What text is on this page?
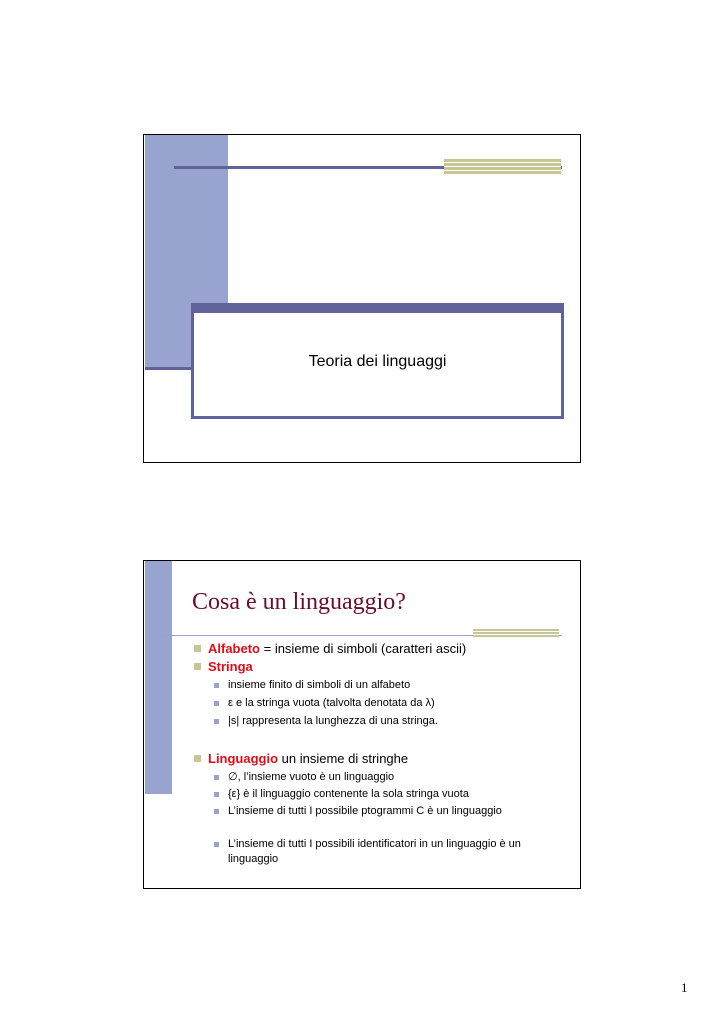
Teoria dei linguaggi
Cosa è un linguaggio?
Alfabeto = insieme di simboli (caratteri ascii)
Stringa
insieme finito di simboli di un alfabeto
ε e la stringa vuota (talvolta denotata da λ)
|s| rappresenta la lunghezza di una stringa.
Linguaggio un insieme di stringhe
∅, l’insieme vuoto è un linguaggio
{ε} è il linguaggio contenente la sola stringa vuota
L’insieme di tutti I possibile ptogrammi C è un linguaggio
L’insieme di tutti I possibili identificatori in un linguaggio è un linguaggio
1
